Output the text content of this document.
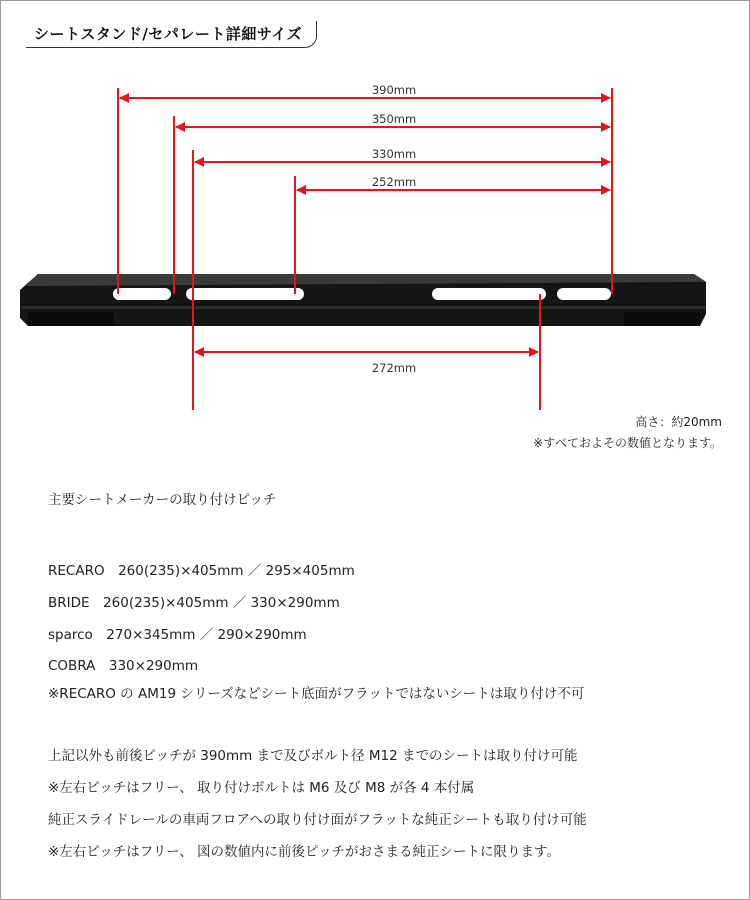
シートスタンド/セパレート詳細サイズ
390mm
350mm
330mm
252mm
272mm
高さ：約20mm
※すべておよその数値となります。
主要シートメーカーの取り付けピッチ
RECARO　260(235)×405mm ／ 295×405mm
BRIDE　260(235)×405mm ／ 330×290mm
sparco　270×345mm ／ 290×290mm
COBRA　330×290mm
※RECARO の AM19 シリーズなどシート底面がフラットではないシートは取り付け不可
上記以外も前後ピッチが 390mm まで及びボルト径 M12 までのシートは取り付け可能
※左右ピッチはフリー、 取り付けボルトは M6 及び M8 が各 4 本付属
純正スライドレールの車両フロアへの取り付け面がフラットな純正シートも取り付け可能
※左右ピッチはフリー、 図の数値内に前後ピッチがおさまる純正シートに限ります。
